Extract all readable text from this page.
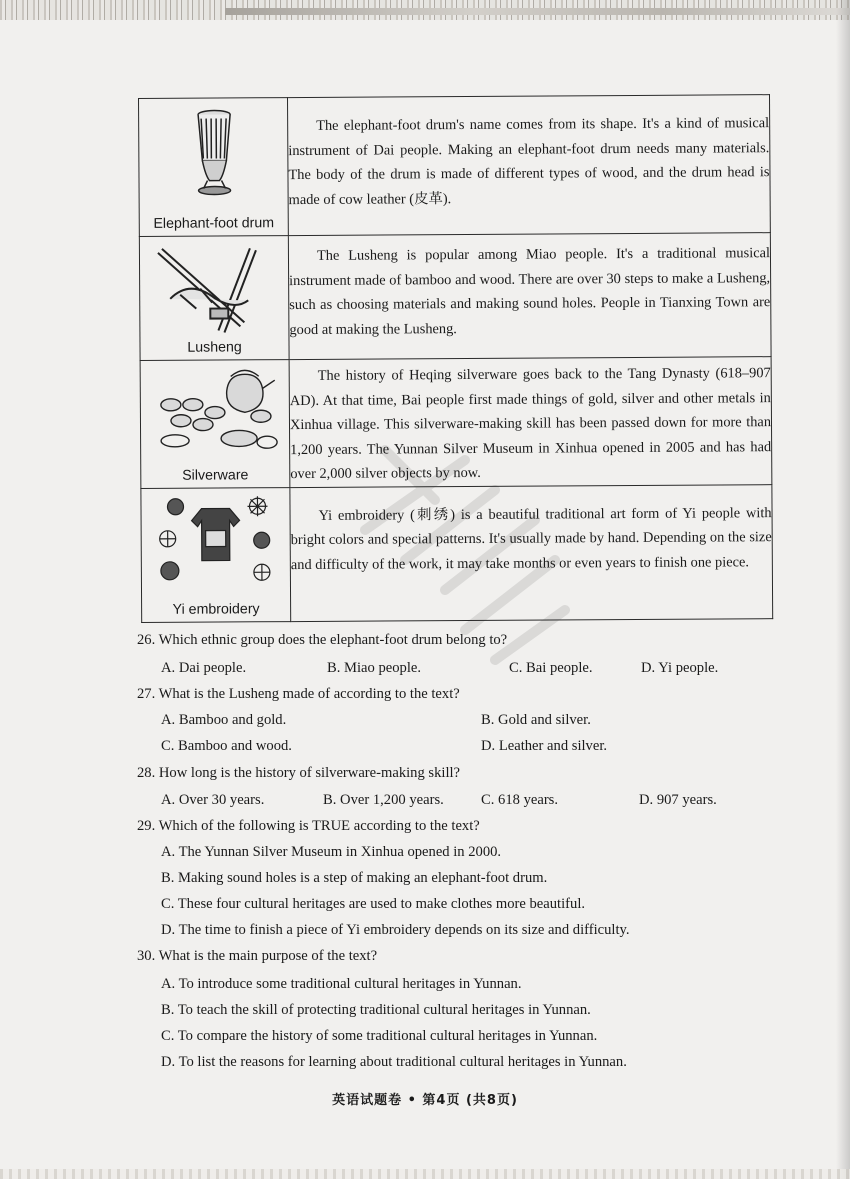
Elephant-foot drum	The elephant-foot drum's name comes from its shape. It's a kind of musical instrument of Dai people. Making an elephant-foot drum needs many materials. The body of the drum is made of different types of wood, and the drum head is made of cow leather (皮革).

Lusheng	The Lusheng is popular among Miao people. It's a traditional musical instrument made of bamboo and wood. There are over 30 steps to make a Lusheng, such as choosing materials and making sound holes. People in Tianxing Town are good at making the Lusheng.

Silverware	The history of Heqing silverware goes back to the Tang Dynasty (618–907 AD). At that time, Bai people first made things of gold, silver and other metals in Xinhua village. This silverware-making skill has been passed down for more than 1,200 years. The Yunnan Silver Museum in Xinhua opened in 2005 and has had over 2,000 silver objects by now.

Yi embroidery	Yi embroidery (刺绣) is a beautiful traditional art form of Yi people with bright colors and special patterns. It's usually made by hand. Depending on the size and difficulty of the work, it may take months or even years to finish one piece.
26. Which ethnic group does the elephant-foot drum belong to?
A. Dai people.	B. Miao people.	C. Bai people.	D. Yi people.
27. What is the Lusheng made of according to the text?
A. Bamboo and gold.	B. Gold and silver.
C. Bamboo and wood.	D. Leather and silver.
28. How long is the history of silverware-making skill?
A. Over 30 years.	B. Over 1,200 years.	C. 618 years.	D. 907 years.
29. Which of the following is TRUE according to the text?
A. The Yunnan Silver Museum in Xinhua opened in 2000.
B. Making sound holes is a step of making an elephant-foot drum.
C. These four cultural heritages are used to make clothes more beautiful.
D. The time to finish a piece of Yi embroidery depends on its size and difficulty.
30. What is the main purpose of the text?
A. To introduce some traditional cultural heritages in Yunnan.
B. To teach the skill of protecting traditional cultural heritages in Yunnan.
C. To compare the history of some traditional cultural heritages in Yunnan.
D. To list the reasons for learning about traditional cultural heritages in Yunnan.
英语试题卷 • 第4页 (共8页)
